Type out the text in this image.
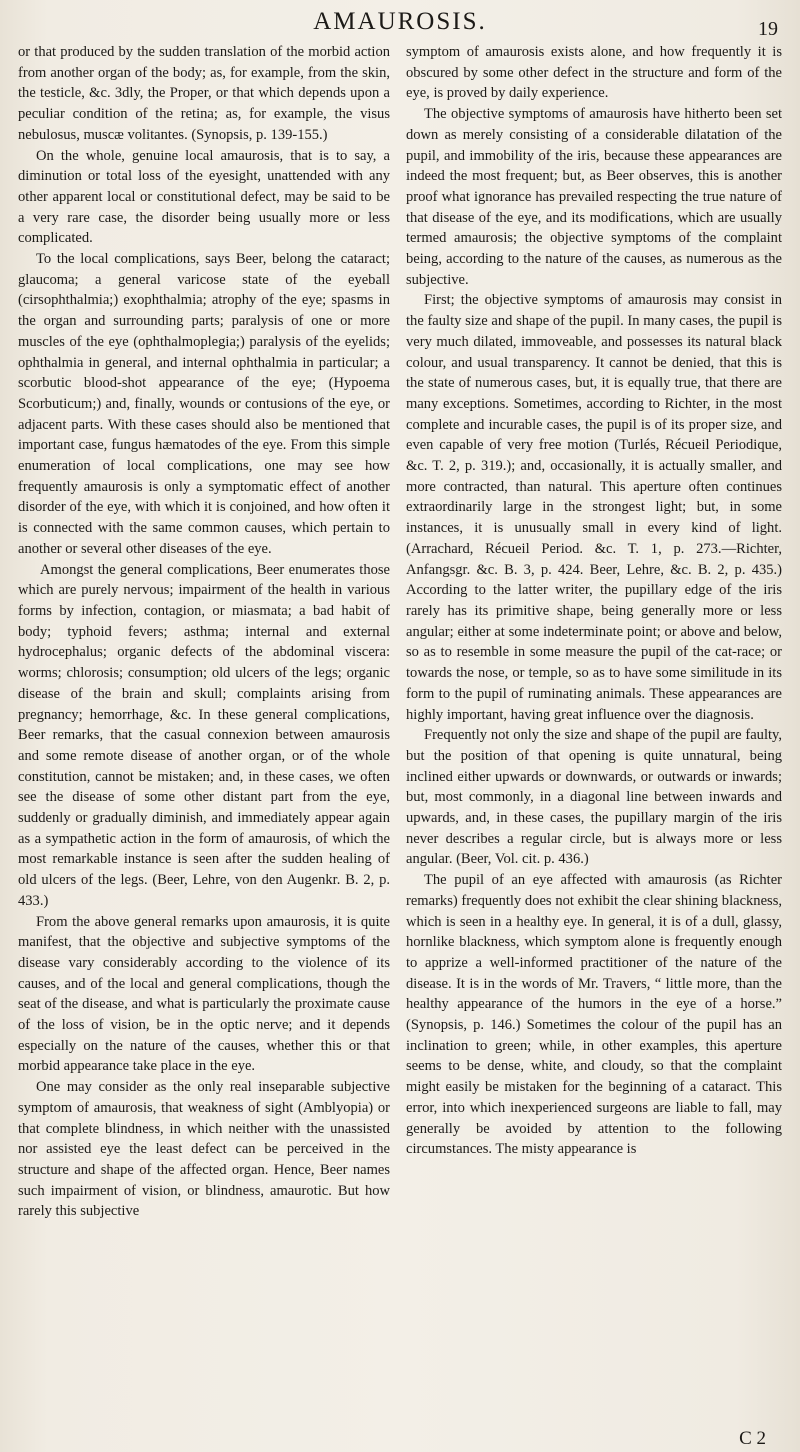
AMAUROSIS.	19

or that produced by the sudden translation of the morbid action from another organ of the body; as, for example, from the skin, the testicle, &c. 3dly, the Proper, or that which depends upon a peculiar condition of the retina; as, for example, the visus nebulosus, muscæ volitantes. (Synopsis, p. 139-155.)

On the whole, genuine local amaurosis, that is to say, a diminution or total loss of the eyesight, unattended with any other apparent local or constitutional defect, may be said to be a very rare case, the disorder being usually more or less complicated.

To the local complications, says Beer, belong the cataract; glaucoma; a general varicose state of the eyeball (cirsophthalmia;) exophthalmia; atrophy of the eye; spasms in the organ and surrounding parts; paralysis of one or more muscles of the eye (ophthalmoplegia;) paralysis of the eyelids; ophthalmia in general, and internal ophthalmia in particular; a scorbutic blood-shot appearance of the eye; (Hypoema Scorbuticum;) and, finally, wounds or contusions of the eye, or adjacent parts. With these cases should also be mentioned that important case, fungus hæmatodes of the eye. From this simple enumeration of local complications, one may see how frequently amaurosis is only a symptomatic effect of another disorder of the eye, with which it is conjoined, and how often it is connected with the same common causes, which pertain to another or several other diseases of the eye.

Amongst the general complications, Beer enumerates those which are purely nervous; impairment of the health in various forms by infection, contagion, or miasmata; a bad habit of body; typhoid fevers; asthma; internal and external hydrocephalus; organic defects of the abdominal viscera: worms; chlorosis; consumption; old ulcers of the legs; organic disease of the brain and skull; complaints arising from pregnancy; hemorrhage, &c. In these general complications, Beer remarks, that the casual connexion between amaurosis and some remote disease of another organ, or of the whole constitution, cannot be mistaken; and, in these cases, we often see the disease of some other distant part from the eye, suddenly or gradually diminish, and immediately appear again as a sympathetic action in the form of amaurosis, of which the most remarkable instance is seen after the sudden healing of old ulcers of the legs. (Beer, Lehre, von den Augenkr. B. 2, p. 433.)

From the above general remarks upon amaurosis, it is quite manifest, that the objective and subjective symptoms of the disease vary considerably according to the violence of its causes, and of the local and general complications, though the seat of the disease, and what is particularly the proximate cause of the loss of vision, be in the optic nerve; and it depends especially on the nature of the causes, whether this or that morbid appearance take place in the eye.

One may consider as the only real inseparable subjective symptom of amaurosis, that weakness of sight (Amblyopia) or that complete blindness, in which neither with the unassisted nor assisted eye the least defect can be perceived in the structure and shape of the affected organ. Hence, Beer names such impairment of vision, or blindness, amaurotic. But how rarely this subjective

symptom of amaurosis exists alone, and how frequently it is obscured by some other defect in the structure and form of the eye, is proved by daily experience.

The objective symptoms of amaurosis have hitherto been set down as merely consisting of a considerable dilatation of the pupil, and immobility of the iris, because these appearances are indeed the most frequent; but, as Beer observes, this is another proof what ignorance has prevailed respecting the true nature of that disease of the eye, and its modifications, which are usually termed amaurosis; the objective symptoms of the complaint being, according to the nature of the causes, as numerous as the subjective.

First; the objective symptoms of amaurosis may consist in the faulty size and shape of the pupil. In many cases, the pupil is very much dilated, immoveable, and possesses its natural black colour, and usual transparency. It cannot be denied, that this is the state of numerous cases, but, it is equally true, that there are many exceptions. Sometimes, according to Richter, in the most complete and incurable cases, the pupil is of its proper size, and even capable of very free motion (Turlés, Récueil Periodique, &c. T. 2, p. 319.); and, occasionally, it is actually smaller, and more contracted, than natural. This aperture often continues extraordinarily large in the strongest light; but, in some instances, it is unusually small in every kind of light. (Arrachard, Récueil Period. &c. T. 1, p. 273.—Richter, Anfangsgr. &c. B. 3, p. 424. Beer, Lehre, &c. B. 2, p. 435.) According to the latter writer, the pupillary edge of the iris rarely has its primitive shape, being generally more or less angular; either at some indeterminate point; or above and below, so as to resemble in some measure the pupil of the cat-race; or towards the nose, or temple, so as to have some similitude in its form to the pupil of ruminating animals. These appearances are highly important, having great influence over the diagnosis.

Frequently not only the size and shape of the pupil are faulty, but the position of that opening is quite unnatural, being inclined either upwards or downwards, or outwards or inwards; but, most commonly, in a diagonal line between inwards and upwards, and, in these cases, the pupillary margin of the iris never describes a regular circle, but is always more or less angular. (Beer, Vol. cit. p. 436.)

The pupil of an eye affected with amaurosis (as Richter remarks) frequently does not exhibit the clear shining blackness, which is seen in a healthy eye. In general, it is of a dull, glassy, hornlike blackness, which symptom alone is frequently enough to apprize a well-informed practitioner of the nature of the disease. It is in the words of Mr. Travers, “ little more, than the healthy appearance of the humors in the eye of a horse.” (Synopsis, p. 146.) Sometimes the colour of the pupil has an inclination to green; while, in other examples, this aperture seems to be dense, white, and cloudy, so that the complaint might easily be mistaken for the beginning of a cataract. This error, into which inexperienced surgeons are liable to fall, may generally be avoided by attention to the following circumstances. The misty appearance is

C 2
